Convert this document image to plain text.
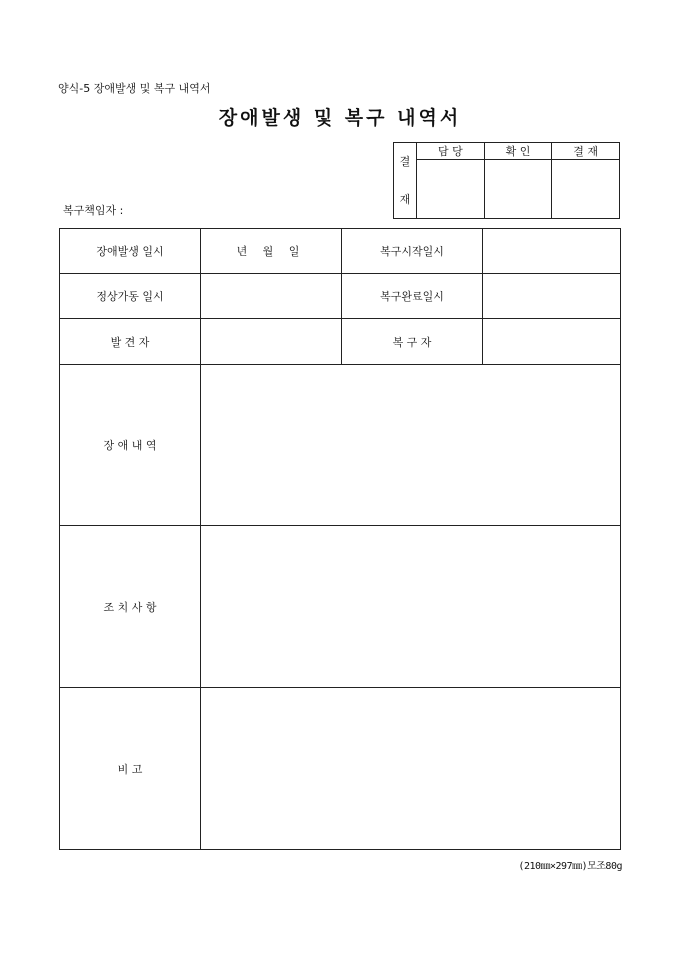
양식-5 장애발생 및 복구 내역서
장애발생 및 복구 내역서
복구책임자 :
결
재	담 당	확 인	결 재

장애발생 일시	년 월 일	복구시작일시	
정상가동 일시		복구완료일시	
발 견 자		복 구 자	
장 애 내 역			
조 치 사 항			
비 고			
(210㎜×297㎜)모조80g
